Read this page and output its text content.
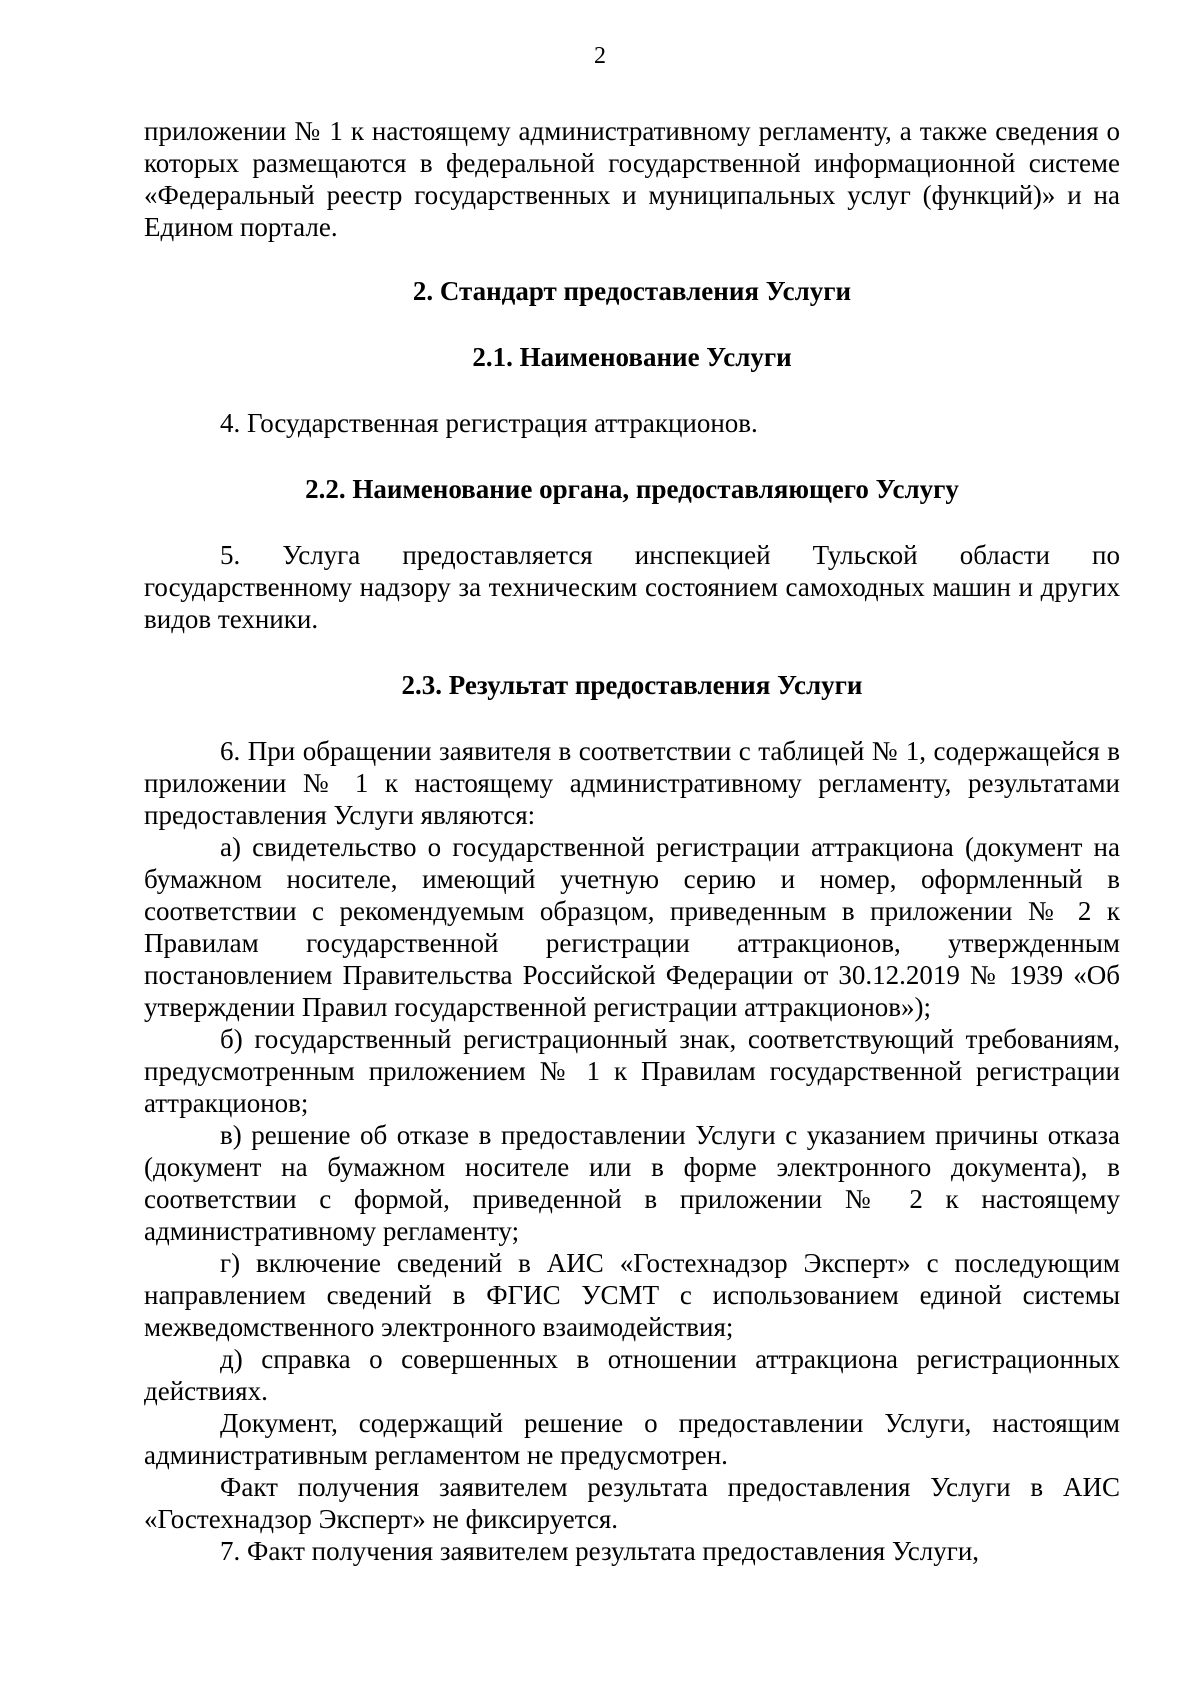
2

приложении № 1 к настоящему административному регламенту, а также сведения о которых размещаются в федеральной государственной информационной системе «Федеральный реестр государственных и муниципальных услуг (функций)» и на Едином портале.

2. Стандарт предоставления Услуги
2.1. Наименование Услуги

4. Государственная регистрация аттракционов.

2.2. Наименование органа, предоставляющего Услугу

5. Услуга предоставляется инспекцией Тульской области по государственному надзору за техническим состоянием самоходных машин и других видов техники.

2.3. Результат предоставления Услуги

6. При обращении заявителя в соответствии с таблицей № 1, содержащейся в приложении № 1 к настоящему административному регламенту, результатами предоставления Услуги являются:

а) свидетельство о государственной регистрации аттракциона (документ на бумажном носителе, имеющий учетную серию и номер, оформленный в соответствии с рекомендуемым образцом, приведенным в приложении № 2 к Правилам государственной регистрации аттракционов, утвержденным постановлением Правительства Российской Федерации от 30.12.2019 № 1939 «Об утверждении Правил государственной регистрации аттракционов»);

б) государственный регистрационный знак, соответствующий требованиям, предусмотренным приложением № 1 к Правилам государственной регистрации аттракционов;

в) решение об отказе в предоставлении Услуги с указанием причины отказа (документ на бумажном носителе или в форме электронного документа), в соответствии с формой, приведенной в приложении № 2 к настоящему административному регламенту;

г) включение сведений в АИС «Гостехнадзор Эксперт» с последующим направлением сведений в ФГИС УСМТ с использованием единой системы межведомственного электронного взаимодействия;

д) справка о совершенных в отношении аттракциона регистрационных действиях.

Документ, содержащий решение о предоставлении Услуги, настоящим административным регламентом не предусмотрен.

Факт получения заявителем результата предоставления Услуги в АИС «Гостехнадзор Эксперт» не фиксируется.

7. Факт получения заявителем результата предоставления Услуги,
